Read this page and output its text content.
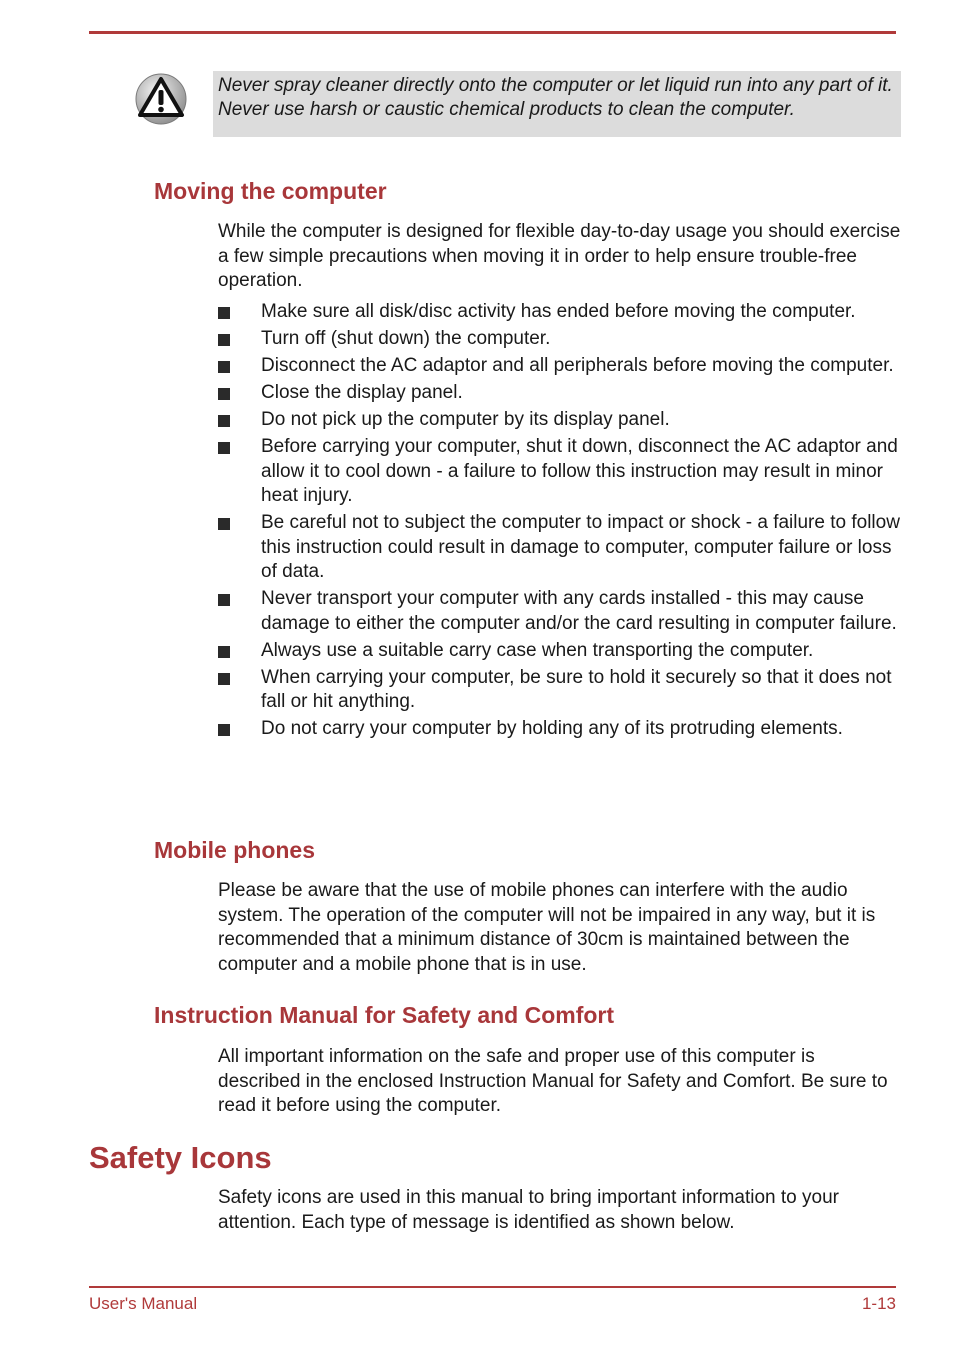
Never spray cleaner directly onto the computer or let liquid run into any part of it. Never use harsh or caustic chemical products to clean the computer.
Moving the computer

While the computer is designed for flexible day-to-day usage you should exercise a few simple precautions when moving it in order to help ensure trouble-free operation.

Make sure all disk/disc activity has ended before moving the computer.
Turn off (shut down) the computer.
Disconnect the AC adaptor and all peripherals before moving the computer.
Close the display panel.
Do not pick up the computer by its display panel.
Before carrying your computer, shut it down, disconnect the AC adaptor and allow it to cool down - a failure to follow this instruction may result in minor heat injury.
Be careful not to subject the computer to impact or shock - a failure to follow this instruction could result in damage to computer, computer failure or loss of data.
Never transport your computer with any cards installed - this may cause damage to either the computer and/or the card resulting in computer failure.
Always use a suitable carry case when transporting the computer.
When carrying your computer, be sure to hold it securely so that it does not fall or hit anything.
Do not carry your computer by holding any of its protruding elements.
Mobile phones

Please be aware that the use of mobile phones can interfere with the audio system. The operation of the computer will not be impaired in any way, but it is recommended that a minimum distance of 30cm is maintained between the computer and a mobile phone that is in use.

Instruction Manual for Safety and Comfort

All important information on the safe and proper use of this computer is described in the enclosed Instruction Manual for Safety and Comfort. Be sure to read it before using the computer.

Safety Icons

Safety icons are used in this manual to bring important information to your attention. Each type of message is identified as shown below.

User's Manual	1-13
